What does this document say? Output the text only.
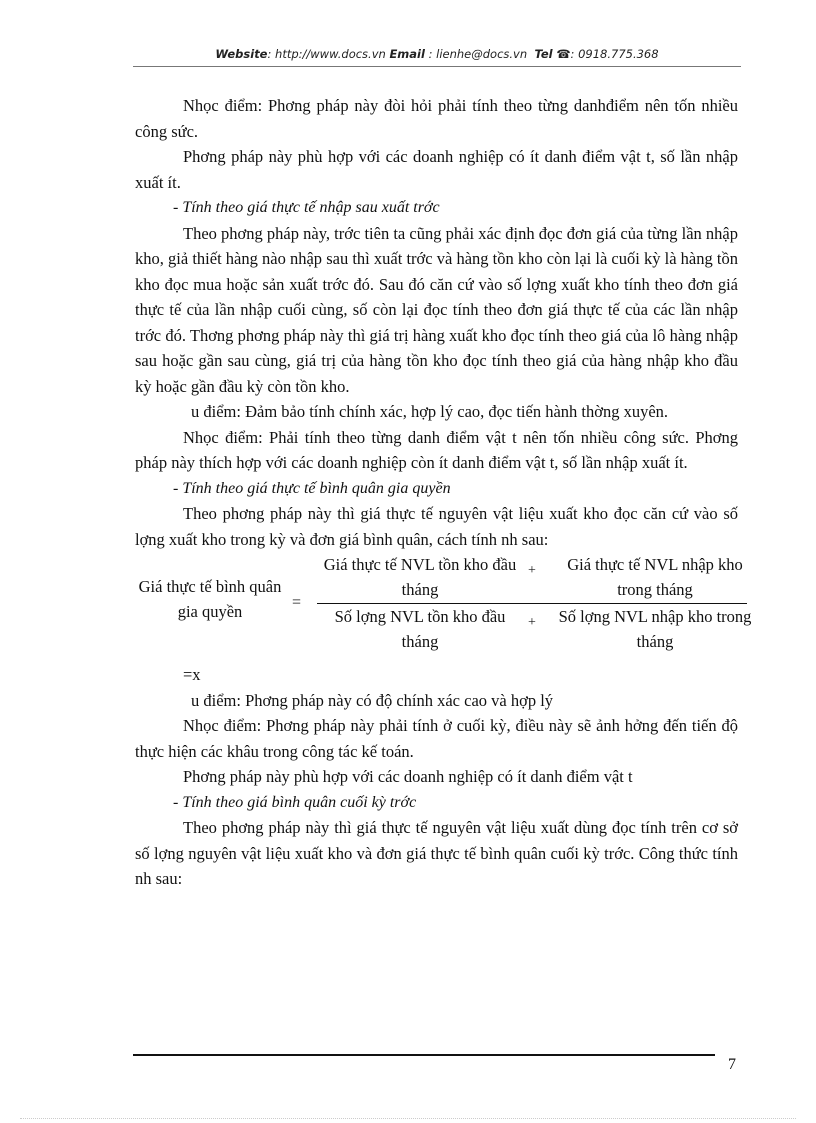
Website: http://www.docs.vn Email : lienhe@docs.vn Tel ☎: 0918.775.368

Nhọc điểm: Phơng pháp này đòi hỏi phải tính theo từng danhđiểm nên tốn nhiều công sức.

Phơng pháp này phù hợp với các doanh nghiệp có ít danh điểm vật t, số lần nhập xuất ít.

- Tính theo giá thực tế nhập sau xuất trớc

Theo phơng pháp này, trớc tiên ta cũng phải xác định đọc đơn giá của từng lần nhập kho, giả thiết hàng nào nhập sau thì xuất trớc và hàng tồn kho còn lại là cuối kỳ là hàng tồn kho đọc mua hoặc sản xuất trớc đó. Sau đó căn cứ vào số lợng xuất kho tính theo đơn giá thực tế của lần nhập cuối cùng, số còn lại đọc tính theo đơn giá thực tế của các lần nhập trớc đó. Thơng phơng pháp này thì giá trị hàng xuất kho đọc tính theo giá của lô hàng nhập sau hoặc gần sau cùng, giá trị của hàng tồn kho đọc tính theo giá của hàng nhập kho đầu kỳ hoặc gần đầu kỳ còn tồn kho.

u điểm: Đảm bảo tính chính xác, hợp lý cao, đọc tiến hành thờng xuyên.

Nhọc điểm: Phải tính theo từng danh điểm vật t nên tốn nhiều công sức. Phơng pháp này thích hợp với các doanh nghiệp còn ít danh điểm vật t, số lần nhập xuất ít.

- Tính theo giá thực tế bình quân gia quyền

Theo phơng pháp này thì giá thực tế nguyên vật liệu xuất kho đọc căn cứ vào số lợng xuất kho trong kỳ và đơn giá bình quân, cách tính nh sau:

Giá thực tế bình quân gia quyền	=
Giá thực tế NVL tồn kho đầu tháng
+	Giá thực tế NVL nhập kho trong tháng
Số lợng NVL tồn kho đầu tháng
+ Số lợng NVL nhập kho trong tháng

=x

u điểm: Phơng pháp này có độ chính xác cao và hợp lý

Nhọc điểm: Phơng pháp này phải tính ở cuối kỳ, điều này sẽ ảnh hởng đến tiến độ thực hiện các khâu trong công tác kế toán.

Phơng pháp này phù hợp với các doanh nghiệp có ít danh điểm vật t

- Tính theo giá bình quân cuối kỳ trớc

Theo phơng pháp này thì giá thực tế nguyên vật liệu xuất dùng đọc tính trên cơ sở số lợng nguyên vật liệu xuất kho và đơn giá thực tế bình quân cuối kỳ trớc. Công thức tính nh sau:

7
